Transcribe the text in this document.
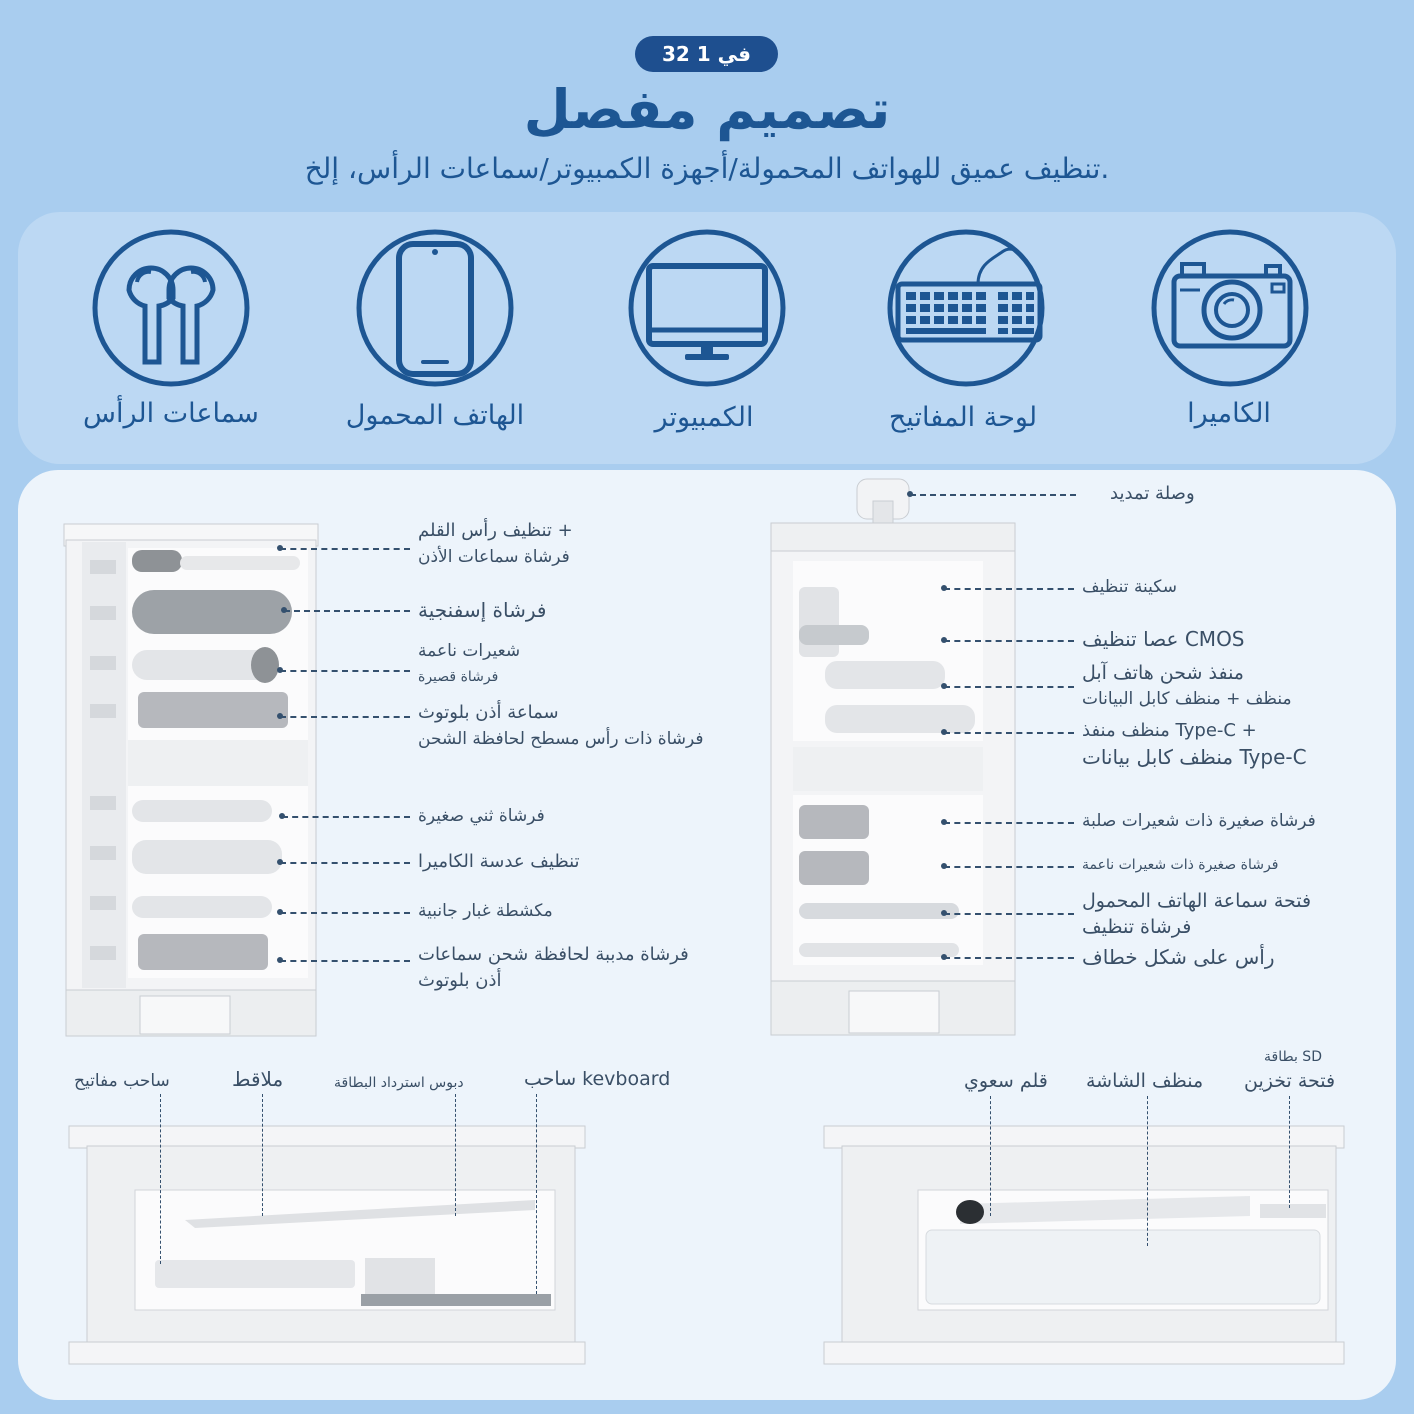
32 في 1
تصميم مفصل
تنظيف عميق للهواتف المحمولة/أجهزة الكمبيوتر/سماعات الرأس، إلخ.
سماعات الرأس	الهاتف المحمول	الكمبيوتر	لوحة المفاتيح	الكاميرا
تنظيف رأس القلم +
فرشاة سماعات الأذن
فرشاة إسفنجية
شعيرات ناعمة
فرشاة قصيرة
سماعة أذن بلوتوث
فرشاة ذات رأس مسطح لحافظة الشحن
فرشاة ثني صغيرة
تنظيف عدسة الكاميرا
مكشطة غبار جانبية
فرشاة مدببة لحافظة شحن سماعات
أذن بلوتوث
وصلة تمديد
سكينة تنظيف
عصا تنظيف CMOS
منفذ شحن هاتف آبل
منظف + منظف كابل البيانات
منظف منفذ Type-C +
منظف كابل بيانات Type-C
فرشاة صغيرة ذات شعيرات صلبة
فرشاة صغيرة ذات شعيرات ناعمة
فتحة سماعة الهاتف المحمول
فرشاة تنظيف
رأس على شكل خطاف
ساحب مفاتيح	ملاقط	دبوس استرداد البطاقة	ساحب kevboard	قلم سعوي منظف الشاشة
بطاقة SD
فتحة تخزين
